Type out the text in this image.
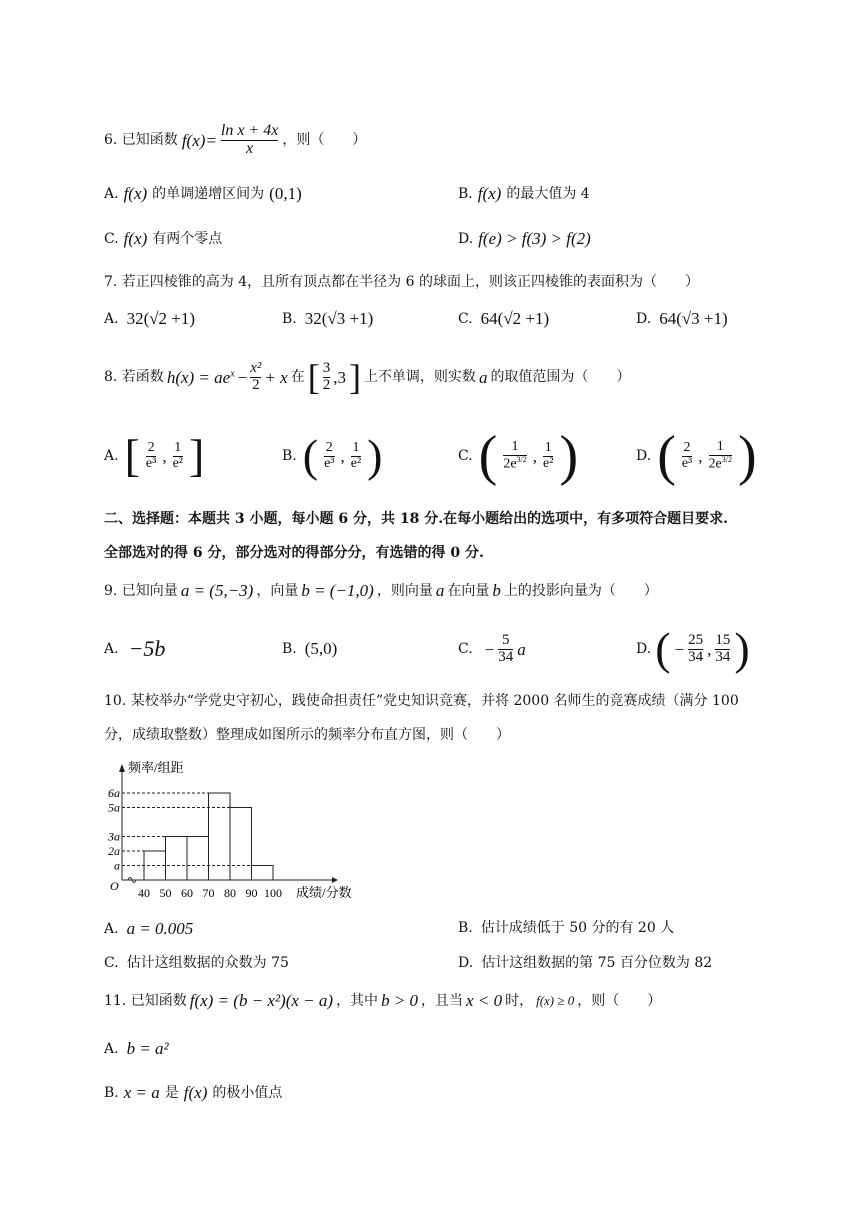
6. 已知函数 $f(x)= \frac{\text{ln x + 4x}}{x}$ ，则（　　）
A. f(x) 的单调递增区间为 (0,1)	B. f(x) 的最大值为 4
C. f(x) 有两个零点	D. f(e) > f(3) > f(2)
7. 若正四棱锥的高为 4，且所有顶点都在半径为 6 的球面上，则该正四棱锥的表面积为（　　）
A. 32(√2 +1)	B. 32(√3 +1)	C. 64(√2 +1)	D. 64(√3 +1)
8. 若函数 $h(x) = ae^x - \frac{\text{x²}}{2} + x$ 在 [ $\frac{3}{2} ,3$ ] 上不单调，则实数 a 的取值范围为（　　）
A. [ $\frac{2}{\text{e³}}$ , $\frac{1}{\text{e²}}$ ]	B. ( $\frac{2}{\text{e³}}$ , $\frac{1}{\text{e²}}$ )	C. ( $\frac{1}{2e^{3/2}}$ , $\frac{1}{\text{e²}}$ )	D. ( $\frac{2}{\text{e³}}$ , $\frac{1}{2e^{3/2}}$ )
二、选择题：本题共 3 小题，每小题 6 分，共 18 分.在每小题给出的选项中，有多项符合题目要求.
全部选对的得 6 分，部分选对的得部分分，有选错的得 0 分.
9. 已知向量 a = (5,−3) ，向量 b = (−1,0) ，则向量 a 在向量 b 上的投影向量为（　　）
A. −5b	B. (5,0)	C. − $\frac{5}{34}$ a	D. ( − $\frac{25}{34}$ , $\frac{15}{34}$ )
10. 某校举办“学党史守初心，践使命担责任”党史知识竞赛，并将 2000 名师生的竞赛成绩（满分 100
分，成绩取整数）整理成如图所示的频率分布直方图，则（　　）
频率/组距
成绩/分数
O
a
2a
3a
5a
6a
40 50 60 70 80 90 100
A. a = 0.005	B. 估计成绩低于 50 分的有 20 人
C. 估计这组数据的众数为 75	D. 估计这组数据的第 75 百分位数为 82
11. 已知函数 f(x) = (b − x²)(x − a) ，其中 b > 0 ，且当 x < 0 时， f(x) ≥ 0 ，则（　　）
A. b = a²
B. x = a 是 f(x) 的极小值点
